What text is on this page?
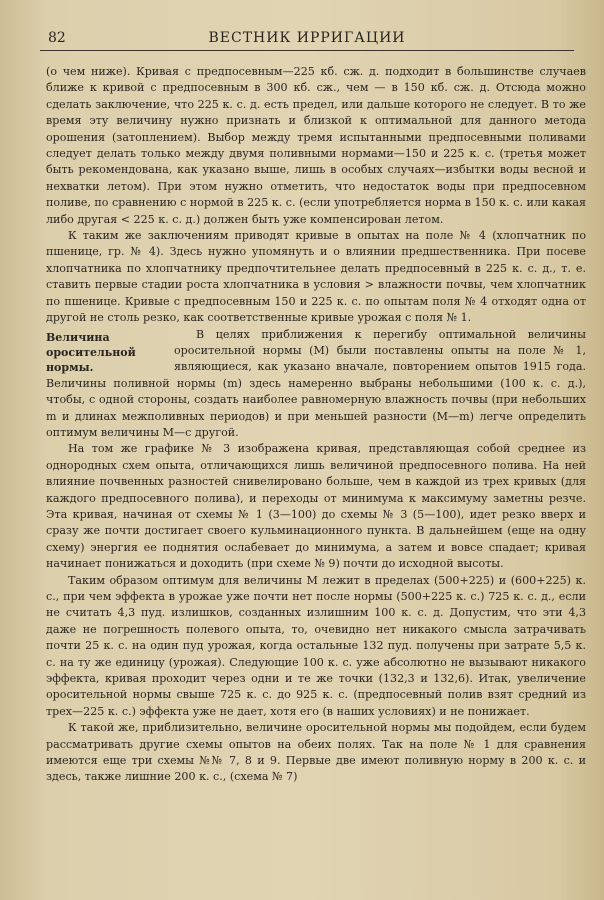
82	ВЕСТНИК ИРРИГАЦИИ

(о чем ниже). Кривая с предпосевным—225 кб. сж. д. подходит в большинстве случаев ближе к кривой с предпосевным в 300 кб. сж., чем — в 150 кб. сж. д. Отсюда можно сделать заключение, что 225 к. с. д. есть предел, или дальше которого не следует. В то же время эту величину нужно признать и близкой к оптимальной для данного метода орошения (затоплением). Выбор между тремя испытанными предпосевными поливами следует делать только между двумя поливными нормами—150 и 225 к. с. (третья может быть рекомендована, как указано выше, лишь в особых случаях—избытки воды весной и нехватки летом). При этом нужно отметить, что недостаток воды при предпосевном поливе, по сравнению с нормой в 225 к. с. (если употребляется норма в 150 к. с. или какая либо другая < 225 к. с. д.) должен быть уже компенсирован летом.

К таким же заключениям приводят кривые в опытах на поле № 4 (хлопчатник по пшенице, гр. № 4). Здесь нужно упомянуть и о влиянии предшественника. При посеве хлопчатника по хлопчатнику предпочтительнее делать предпосевный в 225 к. с. д., т. е. ставить первые стадии роста хлопчатника в условия > влажности почвы, чем хлопчатник по пшенице. Кривые с предпосевным 150 и 225 к. с. по опытам поля № 4 отходят одна от другой не столь резко, как соответственные кривые урожая с поля № 1.

Величина оросительной нормы.

В целях приближения к перегибу оптимальной величины оросительной нормы (М) были поставлены опыты на поле № 1, являющиеся, как указано вначале, повторением опытов 1915 года. Величины поливной нормы (m) здесь намеренно выбраны небольшими (100 к. с. д.), чтобы, с одной стороны, создать наиболее равномерную влажность почвы (при небольших m и длинах межполивных периодов) и при меньшей разности (M—m) легче определить оптимум величины М—с другой.

На том же графике № 3 изображена кривая, представляющая собой среднее из однородных схем опыта, отличающихся лишь величиной предпосевного полива. На ней влияние почвенных разностей снивелировано больше, чем в каждой из трех кривых (для каждого предпосевного полива), и переходы от минимума к максимуму заметны резче. Эта кривая, начиная от схемы № 1 (3—100) до схемы № 3 (5—100), идет резко вверх и сразу же почти достигает своего кульминационного пункта. В дальнейшем (еще на одну схему) энергия ее поднятия ослабевает до минимума, а затем и вовсе спадает; кривая начинает понижаться и доходить (при схеме № 9) почти до исходной высоты.

Таким образом оптимум для величины М лежит в пределах (500+225) и (600+225) к. с., при чем эффекта в урожае уже почти нет после нормы (500+225 к. с.) 725 к. с. д., если не считать 4,3 пуд. излишков, созданных излишним 100 к. с. д. Допустим, что эти 4,3 даже не погрешность полевого опыта, то, очевидно нет никакого смысла затрачивать почти 25 к. с. на один пуд урожая, когда остальные 132 пуд. получены при затрате 5,5 к. с. на ту же единицу (урожая). Следующие 100 к. с. уже абсолютно не вызывают никакого эффекта, кривая проходит через одни и те же точки (132,3 и 132,6). Итак, увеличение оросительной нормы свыше 725 к. с. до 925 к. с. (предпосевный полив взят средний из трех—225 к. с.) эффекта уже не дает, хотя его (в наших условиях) и не понижает.

К такой же, приблизительно, величине оросительной нормы мы подойдем, если будем рассматривать другие схемы опытов на обеих полях. Так на поле № 1 для сравнения имеются еще три схемы №№ 7, 8 и 9. Первые две имеют поливную норму в 200 к. с. и здесь, также лишние 200 к. с., (схема № 7)
